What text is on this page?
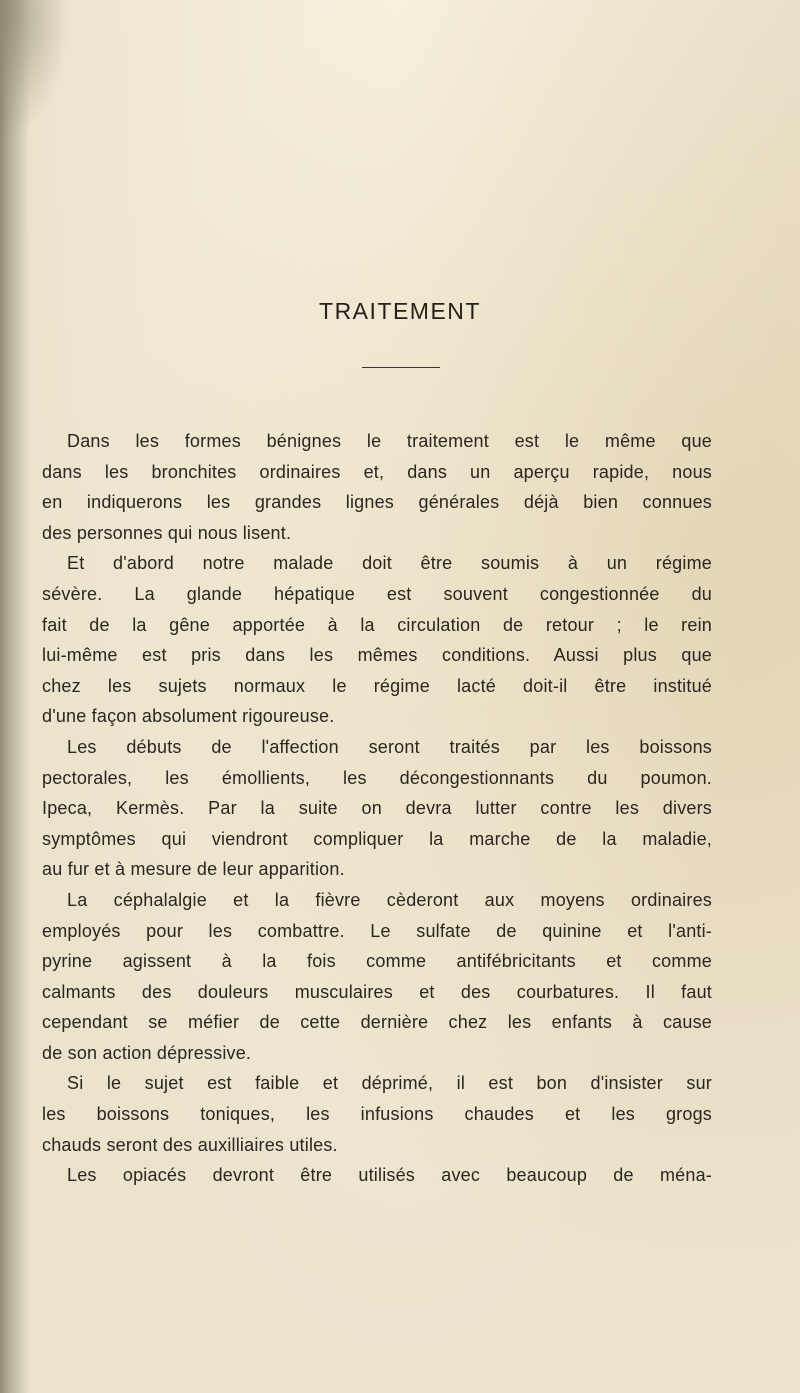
TRAITEMENT
Dans les formes bénignes le traitement est le même que
dans les bronchites ordinaires et, dans un aperçu rapide, nous
en indiquerons les grandes lignes générales déjà bien connues
des personnes qui nous lisent.
Et d'abord notre malade doit être soumis à un régime
sévère. La glande hépatique est souvent congestionnée du
fait de la gêne apportée à la circulation de retour ; le rein
lui-même est pris dans les mêmes conditions. Aussi plus que
chez les sujets normaux le régime lacté doit-il être institué
d'une façon absolument rigoureuse.
Les débuts de l'affection seront traités par les boissons
pectorales, les émollients, les décongestionnants du poumon.
Ipeca, Kermès. Par la suite on devra lutter contre les divers
symptômes qui viendront compliquer la marche de la maladie,
au fur et à mesure de leur apparition.
La céphalalgie et la fièvre cèderont aux moyens ordinaires
employés pour les combattre. Le sulfate de quinine et l'anti-
pyrine agissent à la fois comme antifébricitants et comme
calmants des douleurs musculaires et des courbatures. Il faut
cependant se méfier de cette dernière chez les enfants à cause
de son action dépressive.
Si le sujet est faible et déprimé, il est bon d'insister sur
les boissons toniques, les infusions chaudes et les grogs
chauds seront des auxilliaires utiles.
Les opiacés devront être utilisés avec beaucoup de ména-
